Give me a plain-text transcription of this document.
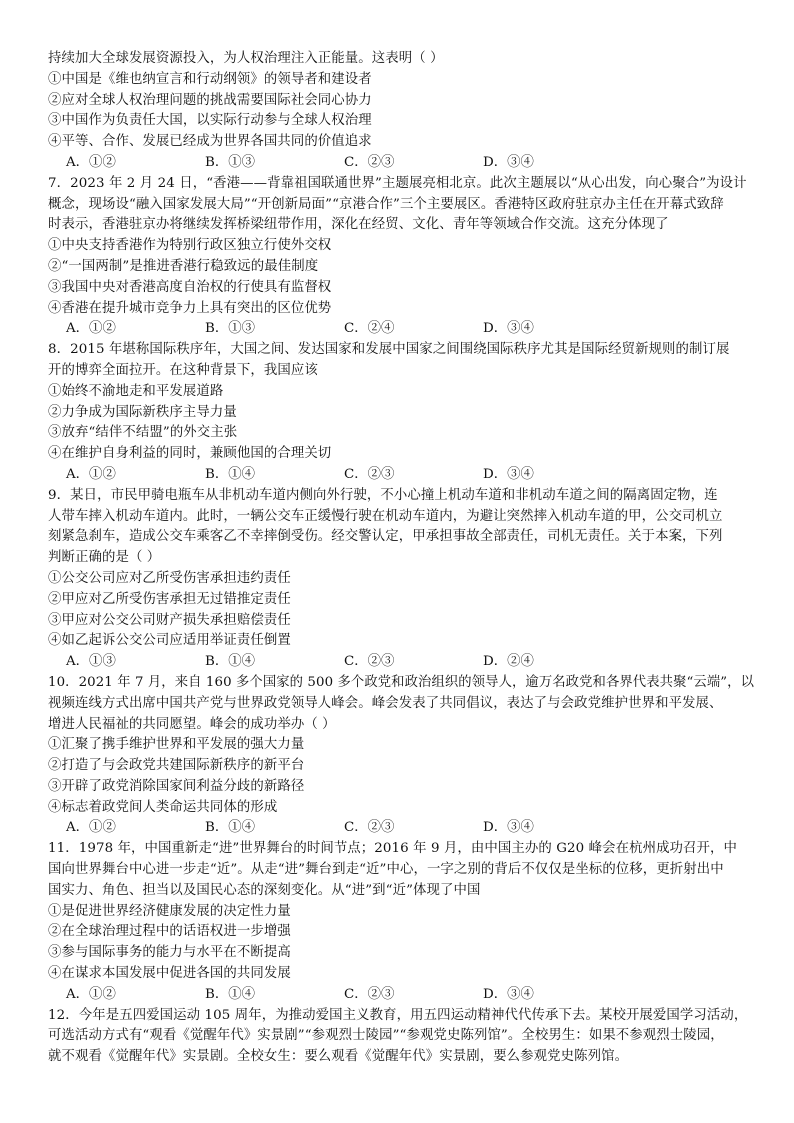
持续加大全球发展资源投入，为人权治理注入正能量。这表明（ ）
①中国是《维也纳宣言和行动纲领》的领导者和建设者
②应对全球人权治理问题的挑战需要国际社会同心协力
③中国作为负责任大国，以实际行动参与全球人权治理
④平等、合作、发展已经成为世界各国共同的价值追求
A．①②	B．①③	C．②③	D．③④
7．2023 年 2 月 24 日，“香港——背靠祖国联通世界”主题展亮相北京。此次主题展以“从心出发，向心聚合”为设计
概念，现场设“融入国家发展大局”“开创新局面”“京港合作”三个主要展区。香港特区政府驻京办主任在开幕式致辞
时表示，香港驻京办将继续发挥桥梁纽带作用，深化在经贸、文化、青年等领域合作交流。这充分体现了
①中央支持香港作为特别行政区独立行使外交权
②“一国两制”是推进香港行稳致远的最佳制度
③我国中央对香港高度自治权的行使具有监督权
④香港在提升城市竞争力上具有突出的区位优势
A．①②	B．①③	C．②④	D．③④
8．2015 年堪称国际秩序年，大国之间、发达国家和发展中国家之间围绕国际秩序尤其是国际经贸新规则的制订展
开的博弈全面拉开。在这种背景下，我国应该
①始终不渝地走和平发展道路
②力争成为国际新秩序主导力量
③放弃“结伴不结盟”的外交主张
④在维护自身利益的同时，兼顾他国的合理关切
A．①②	B．①④	C．②③	D．③④
9．某日，市民甲骑电瓶车从非机动车道内侧向外行驶，不小心撞上机动车道和非机动车道之间的隔离固定物，连
人带车摔入机动车道内。此时，一辆公交车正缓慢行驶在机动车道内，为避让突然摔入机动车道的甲，公交司机立
刻紧急刹车，造成公交车乘客乙不幸摔倒受伤。经交警认定，甲承担事故全部责任，司机无责任。关于本案，下列
判断正确的是（ ）
①公交公司应对乙所受伤害承担违约责任
②甲应对乙所受伤害承担无过错推定责任
③甲应对公交公司财产损失承担赔偿责任
④如乙起诉公交公司应适用举证责任倒置
A．①③	B．①④	C．②③	D．②④
10．2021 年 7 月，来自 160 多个国家的 500 多个政党和政治组织的领导人，逾万名政党和各界代表共聚“云端”，以
视频连线方式出席中国共产党与世界政党领导人峰会。峰会发表了共同倡议，表达了与会政党维护世界和平发展、
增进人民福祉的共同愿望。峰会的成功举办（ ）
①汇聚了携手维护世界和平发展的强大力量
②打造了与会政党共建国际新秩序的新平台
③开辟了政党消除国家间利益分歧的新路径
④标志着政党间人类命运共同体的形成
A．①②	B．①④	C．②③	D．③④
11．1978 年，中国重新走“进”世界舞台的时间节点；2016 年 9 月，由中国主办的 G20 峰会在杭州成功召开，中
国向世界舞台中心进一步走“近”。从走“进”舞台到走“近”中心，一字之别的背后不仅仅是坐标的位移，更折射出中
国实力、角色、担当以及国民心态的深刻变化。从“进”到“近”体现了中国
①是促进世界经济健康发展的决定性力量
②在全球治理过程中的话语权进一步增强
③参与国际事务的能力与水平在不断提高
④在谋求本国发展中促进各国的共同发展
A．①②	B．①④	C．②③	D．③④
12．今年是五四爱国运动 105 周年，为推动爱国主义教育，用五四运动精神代代传承下去。某校开展爱国学习活动，
可选活动方式有“观看《觉醒年代》实景剧”“参观烈士陵园”“参观党史陈列馆”。全校男生：如果不参观烈士陵园，
就不观看《觉醒年代》实景剧。全校女生：要么观看《觉醒年代》实景剧，要么参观党史陈列馆。
